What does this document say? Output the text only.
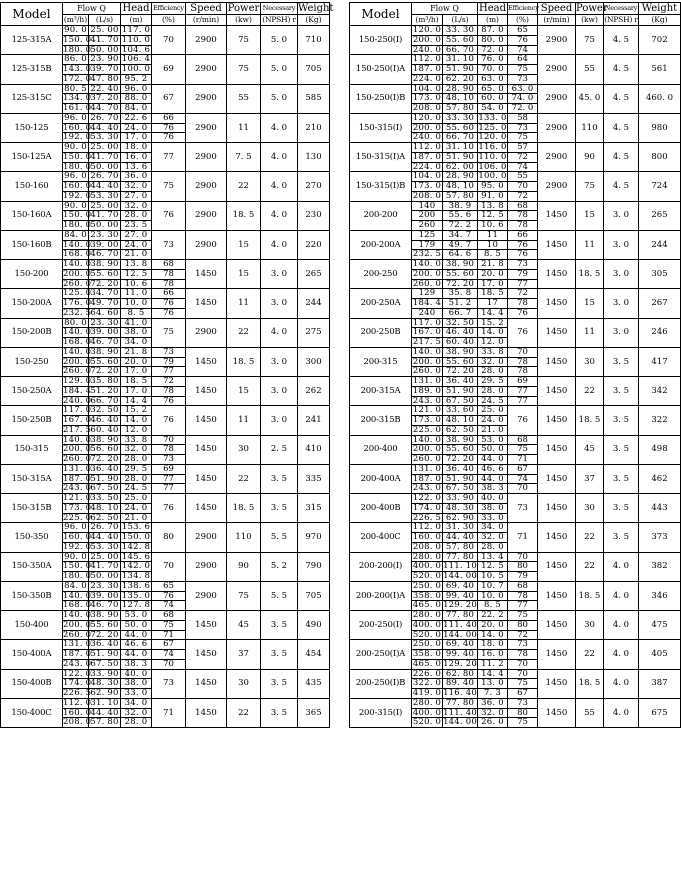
Model	Flow Q		Head	Efficiency	Speed	Power	Necessary	Weight
	(m³/h)	(L/s)	(m)	(%)	(r/min)	(kw)	(NPSH) r	(Kg)
125-315A	90. 0	25. 00	117. 0	70	2900	75	5. 0	710
	150. 0	41. 70	110. 0					
	180. 0	50. 00	104. 6					
125-315B	86. 0	23. 90	106. 4	69	2900	75	5. 0	705
	143. 0	39. 70	100. 0					
	172. 0	47. 80	95. 2					
125-315C	80. 5	22. 40	96. 0	67	2900	55	5. 0	585
	134. 0	37. 20	88. 0					
	161. 0	44. 70	84. 0					
150-125	96. 0	26. 70	22. 6	66	2900	11	4. 0	210
	160. 0	44. 40	24. 0	76				
	192. 0	53. 30	17. 0	76				
150-125A	90. 0	25. 00	18. 0	77	2900	7. 5	4. 0	130
	150. 0	41. 70	16. 0					
	180. 0	50. 00	13. 6					
150-160	96. 0	26. 70	36. 0	75	2900	22	4. 0	270
	160. 0	44. 40	32. 0					
	192. 0	53. 30	27. 0					
150-160A	90. 0	25. 00	32. 0	76	2900	18. 5	4. 0	230
	150. 0	41. 70	28. 0					
	180. 0	50. 00	23. 5					
150-160B	84. 0	23. 30	27. 0	73	2900	15	4. 0	220
	140. 0	39. 00	24. 0					
	168. 0	46. 70	21. 0					
150-200	140. 0	38. 90	13. 8	68	1450	15	3. 0	265
	200. 0	55. 60	12. 5	78				
	260. 0	72. 20	10. 6	78				
150-200A	125. 0	34. 70	11. 0	66	1450	11	3. 0	244
	176. 0	49. 70	10. 0	76				
	232. 5	64. 60	8. 5	76				
150-200B	80. 0	23. 30	41. 0	75	2900	22	4. 0	275
	140. 0	39. 00	38. 0					
	168. 0	46. 70	34. 0					
150-250	140. 0	38. 90	21. 8	73	1450	18. 5	3. 0	300
	200. 0	55. 60	20. 0	79				
	260. 0	72. 20	17. 0	77				
150-250A	129. 0	35. 80	18. 5	72	1450	15	3. 0	262
	184. 4	51. 20	17. 0	78				
	240. 0	66. 70	14. 4	76				
150-250B	117. 0	32. 50	15. 2	76	1450	11	3. 0	241
	167. 0	46. 40	14. 0					
	217. 5	60. 40	12. 0					
150-315	140. 0	38. 90	33. 8	70	1450	30	2. 5	410
	200. 0	56. 60	32. 0	78				
	260. 0	72. 20	28. 0	73				
150-315A	131. 0	36. 40	29. 5	69	1450	22	3. 5	335
	187. 0	51. 90	28. 0	77				
	243. 0	67. 50	24. 5	77				
150-315B	121. 0	33. 50	25. 0	76	1450	18. 5	3. 5	315
	173. 0	48. 10	24. 0					
	225. 0	62. 50	21. 0					
150-350	96. 0	26. 70	153. 6	80	2900	110	5. 5	970
	160. 0	44. 40	150. 0					
	192. 0	53. 30	142. 8					
150-350A	90. 0	25. 00	145. 6	70	2900	90	5. 2	790
	150. 0	41. 70	142. 0					
	180. 0	50. 00	134. 8					
150-350B	84. 0	23. 30	138. 6	65	2900	75	5. 5	705
	140. 0	39. 00	135. 0	76				
	168. 0	46. 70	127. 8	74				
150-400	140. 0	38. 90	53. 0	68	1450	45	3. 5	490
	200. 0	55. 60	50. 0	75				
	260. 0	72. 20	44. 0	71				
150-400A	131. 0	36. 40	46. 6	67	1450	37	3. 5	454
	187. 0	51. 90	44. 0	74				
	243. 0	67. 50	38. 3	70				
150-400B	122. 0	33. 90	40. 0	73	1450	30	3. 5	435
	174. 0	48. 30	38. 0					
	226. 5	62. 90	33. 0					
150-400C	112. 0	31. 10	34. 0	71	1450	22	3. 5	365
	160. 0	44. 40	32. 0					
	208. 0	57. 80	28. 0					
Model	Flow Q		Head	Efficiency	Speed	Power	Necessary	Weight
	(m³/h)	(L/s)	(m)	(%)	(r/min)	(kw)	(NPSH) r	(Kg)
150-250(I)	120. 0	33. 30	87. 0	65	2900	75	4. 5	702
	200. 0	55. 60	80. 0	76				
	240. 0	66. 70	72. 0	74				
150-250(I)A	112. 0	31. 10	76. 0	64	2900	55	4. 5	561
	187. 0	51. 90	70. 0	75				
	224. 0	62. 20	63. 0	73				
150-250(I)B	104. 0	28. 90	65. 0	63. 0	2900	45. 0	4. 5	460. 0
	173. 0	48. 10	60. 0	74. 0				
	208. 0	57. 80	54. 0	72. 0				
150-315(I)	120. 0	33. 30	133. 0	58	2900	110	4. 5	980
	200. 0	55. 60	125. 0	73				
	240. 0	66. 70	120. 0	75				
150-315(I)A	112. 0	31. 10	116. 0	57	2900	90	4. 5	800
	187. 0	51. 90	110. 0	72				
	224. 0	62. 00	106. 0	74				
150-315(I)B	104. 0	28. 90	100. 0	55	2900	75	4. 5	724
	173. 0	48. 10	95. 0	70				
	208. 0	57. 80	91. 0	72				
200-200	140	38. 9	13. 8	68	1450	15	3. 0	265
	200	55. 6	12. 5	78				
	260	72. 2	10. 6	78				
200-200A	125	34. 7	11	66	1450	11	3. 0	244
	179	49. 7	10	76				
	232. 5	64. 6	8. 5	76				
200-250	140. 0	38. 90	21. 8	73	1450	18. 5	3. 0	305
	200. 0	55. 60	20. 0	79				
	260. 0	72. 20	17. 0	77				
200-250A	129	35. 8	18. 5	72	1450	15	3. 0	267
	184. 4	51. 2	17	78				
	240	66. 7	14. 4	76				
200-250B	117. 0	32. 50	15. 2	76	1450	11	3. 0	246
	167. 0	46. 40	14. 0					
	217. 5	60. 40	12. 0					
200-315	140. 0	38. 90	33. 8	70	1450	30	3. 5	417
	200. 0	55. 60	32. 0	78				
	260. 0	72. 20	28. 0	78				
200-315A	131. 0	36. 40	29. 5	69	1450	22	3. 5	342
	189. 0	51. 90	28. 0	77				
	243. 0	67. 50	24. 5	77				
200-315B	121. 0	33. 60	25. 0	76	1450	18. 5	3. 5	322
	173. 0	48. 10	24. 0					
	225. 0	62. 50	21. 0					
200-400	140. 0	38. 90	53. 0	68	1450	45	3. 5	498
	200. 0	55. 60	50. 0	75				
	260. 0	72. 20	44. 0	71				
200-400A	131. 0	36. 40	46. 6	67	1450	37	3. 5	462
	187. 0	51. 90	44. 0	74				
	243. 0	67. 50	38. 3	70				
200-400B	122. 0	33. 90	40. 0	73	1450	30	3. 5	443
	174. 0	48. 30	38. 0					
	226. 5	62. 90	33. 0					
200-400C	112. 0	31. 30	34. 0	71	1450	22	3. 5	373
	160. 0	44. 40	32. 0					
	208. 0	57. 80	28. 0					
200-200(I)	280. 0	77. 80	13. 4	70	1450	22	4. 0	382
	400. 0	111. 10	12. 5	80				
	520. 0	144. 00	10. 5	79				
200-200(I)A	250. 0	69. 40	10. 7	68	1450	18. 5	4. 0	346
	358. 0	99. 40	10. 0	78				
	465. 0	129. 20	8. 5	77				
200-250(I)	280. 0	77. 80	22. 2	75	1450	30	4. 0	475
	400. 0	111. 40	20. 0	80				
	520. 0	144. 00	14. 0	72				
200-250(I)A	250. 0	69. 40	18. 0	73	1450	22	4. 0	405
	358. 0	99. 40	16. 0	78				
	465. 0	129. 20	11. 2	70				
200-250(I)B	226. 0	62. 80	14. 4	70	1450	18. 5	4. 0	387
	322. 0	89. 40	13. 0	75				
	419. 0	116. 40	7. 3	67				
200-315(I)	280. 0	77. 80	36. 0	73	1450	55	4. 0	675
	400. 0	111. 40	32. 0	80				
	520. 0	144. 00	26. 0	75				
